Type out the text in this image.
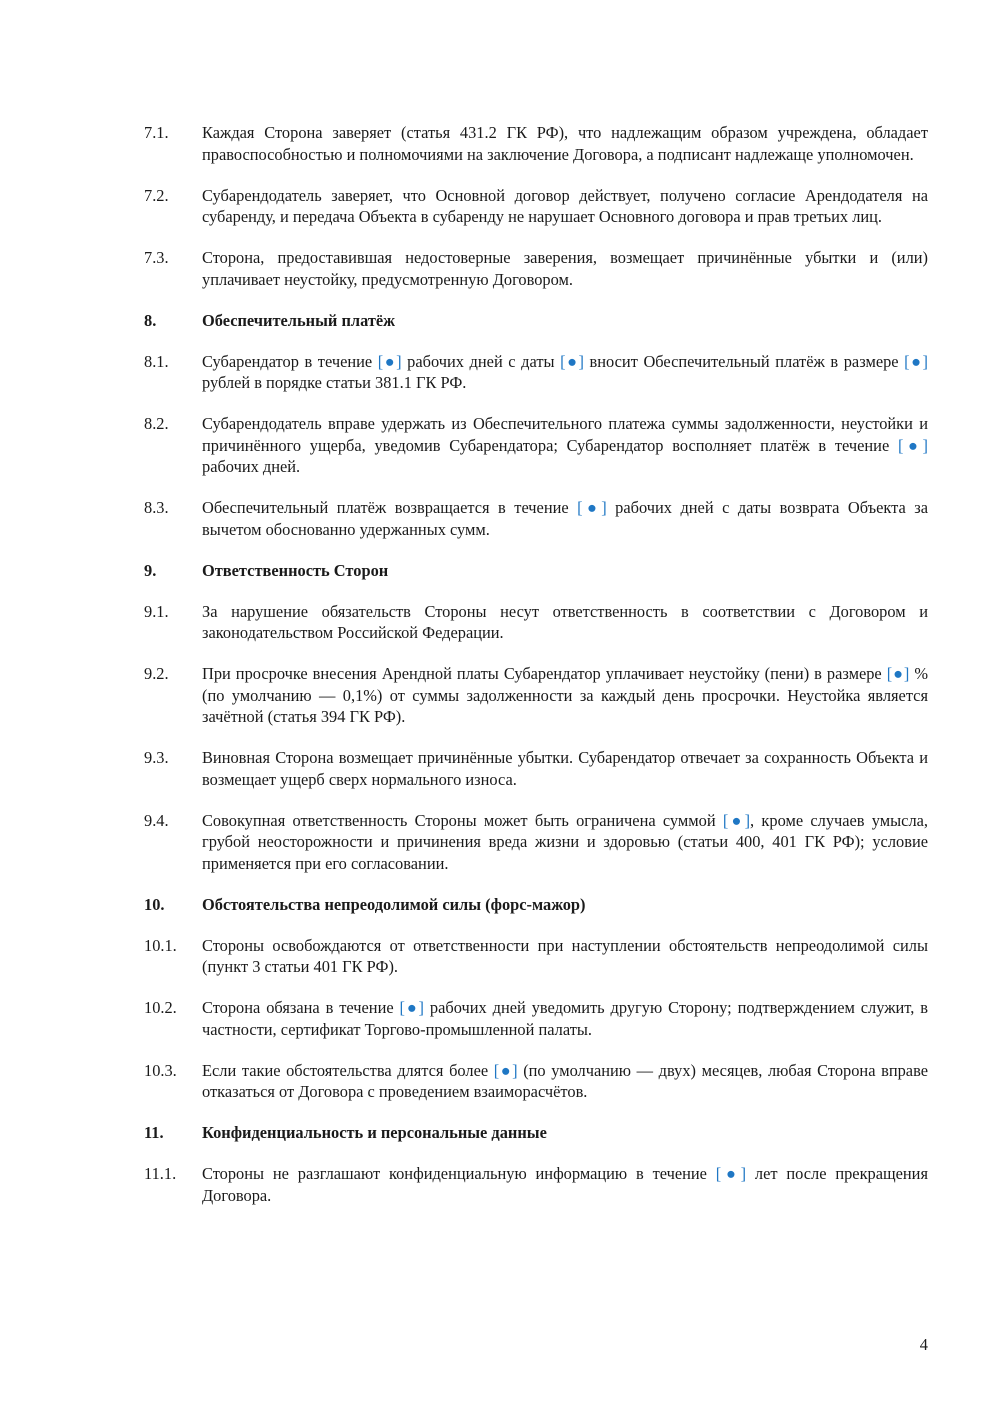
7.1.	Каждая Сторона заверяет (статья 431.2 ГК РФ), что надлежащим образом учреждена, обладает правоспособностью и полномочиями на заключение Договора, а подписант надлежаще уполномочен.
7.2.	Субарендодатель заверяет, что Основной договор действует, получено согласие Арендодателя на субаренду, и передача Объекта в субаренду не нарушает Основного договора и прав третьих лиц.
7.3.	Сторона, предоставившая недостоверные заверения, возмещает причинённые убытки и (или) уплачивает неустойку, предусмотренную Договором.
8.	Обеспечительный платёж
8.1.	Субарендатор в течение [●] рабочих дней с даты [●] вносит Обеспечительный платёж в размере [●] рублей в порядке статьи 381.1 ГК РФ.
8.2.	Субарендодатель вправе удержать из Обеспечительного платежа суммы задолженности, неустойки и причинённого ущерба, уведомив Субарендатора; Субарендатор восполняет платёж в течение [●] рабочих дней.
8.3.	Обеспечительный платёж возвращается в течение [●] рабочих дней с даты возврата Объекта за вычетом обоснованно удержанных сумм.
9.	Ответственность Сторон
9.1.	За нарушение обязательств Стороны несут ответственность в соответствии с Договором и законодательством Российской Федерации.
9.2.	При просрочке внесения Арендной платы Субарендатор уплачивает неустойку (пени) в размере [●] % (по умолчанию — 0,1%) от суммы задолженности за каждый день просрочки. Неустойка является зачётной (статья 394 ГК РФ).
9.3.	Виновная Сторона возмещает причинённые убытки. Субарендатор отвечает за сохранность Объекта и возмещает ущерб сверх нормального износа.
9.4.	Совокупная ответственность Стороны может быть ограничена суммой [●], кроме случаев умысла, грубой неосторожности и причинения вреда жизни и здоровью (статьи 400, 401 ГК РФ); условие применяется при его согласовании.
10.	Обстоятельства непреодолимой силы (форс-мажор)
10.1.	Стороны освобождаются от ответственности при наступлении обстоятельств непреодолимой силы (пункт 3 статьи 401 ГК РФ).
10.2.	Сторона обязана в течение [●] рабочих дней уведомить другую Сторону; подтверждением служит, в частности, сертификат Торгово-промышленной палаты.
10.3.	Если такие обстоятельства длятся более [●] (по умолчанию — двух) месяцев, любая Сторона вправе отказаться от Договора с проведением взаиморасчётов.
11.	Конфиденциальность и персональные данные
11.1.	Стороны не разглашают конфиденциальную информацию в течение [●] лет после прекращения Договора.
4
